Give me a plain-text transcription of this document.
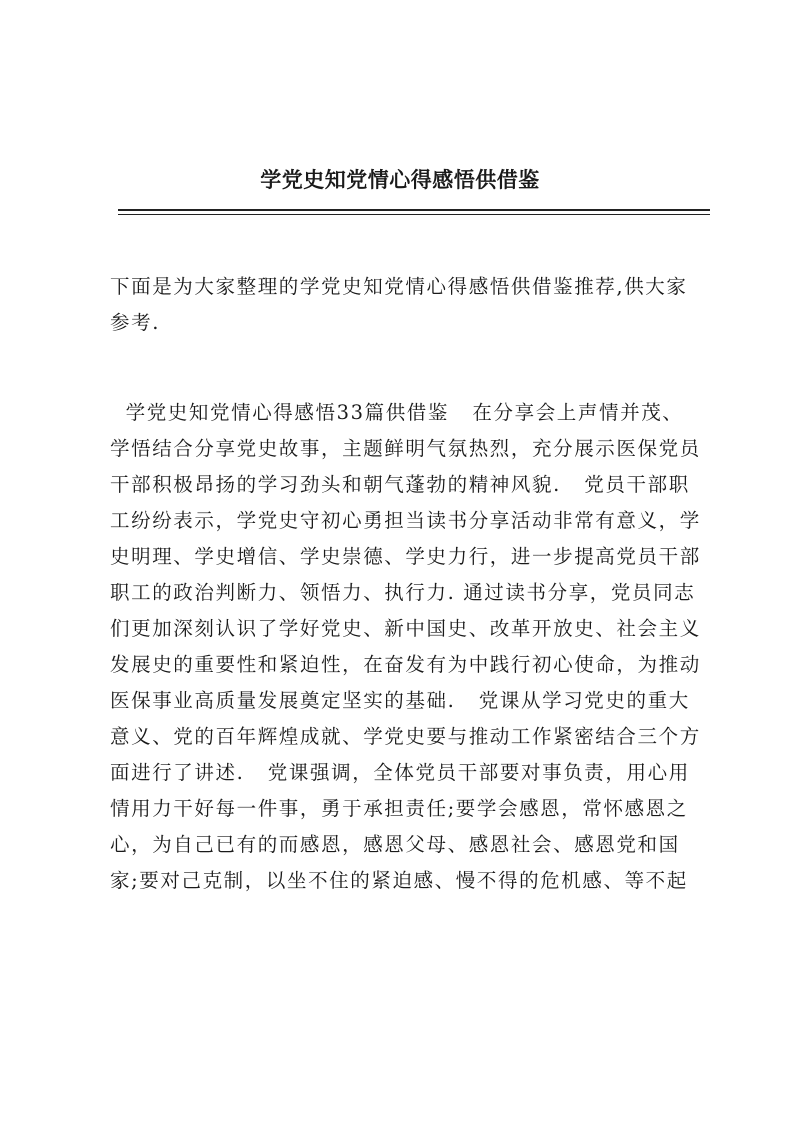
学党史知党情心得感悟供借鉴
下面是为大家整理的学党史知党情心得感悟供借鉴推荐,供大家
参考.
学党史知党情心得感悟33篇供借鉴   在分享会上声情并茂、
学悟结合分享党史故事，主题鲜明气氛热烈，充分展示医保党员
干部积极昂扬的学习劲头和朝气蓬勃的精神风貌.   党员干部职
工纷纷表示，学党史守初心勇担当读书分享活动非常有意义，学
史明理、学史增信、学史崇德、学史力行，进一步提高党员干部
职工的政治判断力、领悟力、执行力. 通过读书分享，党员同志
们更加深刻认识了学好党史、新中国史、改革开放史、社会主义
发展史的重要性和紧迫性，在奋发有为中践行初心使命，为推动
医保事业高质量发展奠定坚实的基础.   党课从学习党史的重大
意义、党的百年辉煌成就、学党史要与推动工作紧密结合三个方
面进行了讲述.   党课强调，全体党员干部要对事负责，用心用
情用力干好每一件事，勇于承担责任;要学会感恩，常怀感恩之
心，为自己已有的而感恩，感恩父母、感恩社会、感恩党和国
家;要对己克制，以坐不住的紧迫感、慢不得的危机感、等不起
